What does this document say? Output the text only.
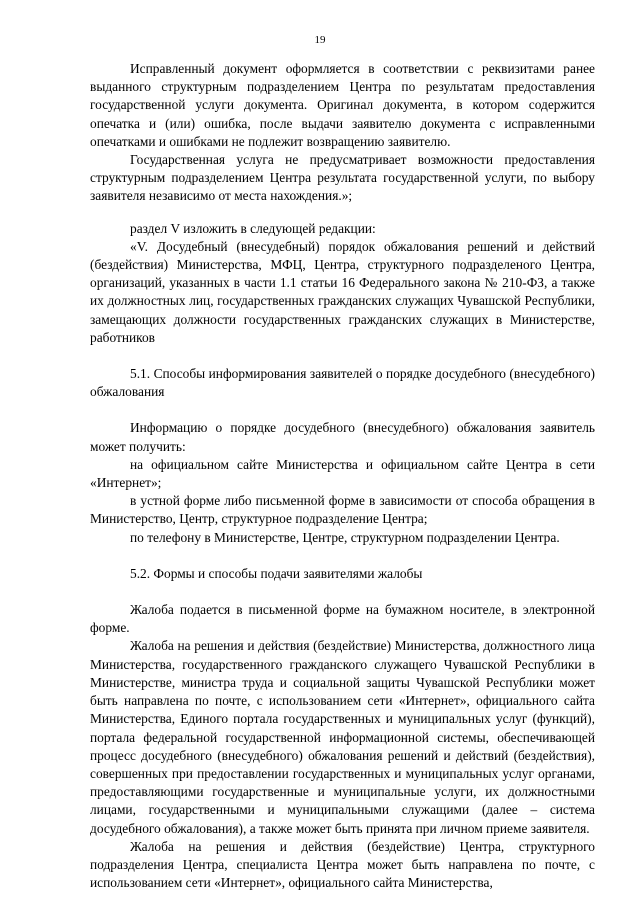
19

Исправленный документ оформляется в соответствии с реквизитами ранее выданного структурным подразделением Центра по результатам предоставления государственной услуги документа. Оригинал документа, в котором содержится опечатка и (или) ошибка, после выдачи заявителю документа с исправленными опечатками и ошибками не подлежит возвращению заявителю.

Государственная услуга не предусматривает возможности предоставления структурным подразделением Центра результата государственной услуги, по выбору заявителя независимо от места нахождения.»;

раздел V изложить в следующей редакции:

«V. Досудебный (внесудебный) порядок обжалования решений и действий (бездействия) Министерства, МФЦ, Центра, структурного подразделеного Центра, организаций, указанных в части 1.1 статьи 16 Федерального закона № 210-ФЗ, а также их должностных лиц, государственных гражданских служащих Чувашской Республики, замещающих должности государственных гражданских служащих в Министерстве, работников

5.1. Способы информирования заявителей о порядке досудебного (внесудебного) обжалования

Информацию о порядке досудебного (внесудебного) обжалования заявитель может получить:

на официальном сайте Министерства и официальном сайте Центра в сети «Интернет»;

в устной форме либо письменной форме в зависимости от способа обращения в Министерство, Центр, структурное подразделение Центра;

по телефону в Министерстве, Центре, структурном подразделении Центра.

5.2. Формы и способы подачи заявителями жалобы

Жалоба подается в письменной форме на бумажном носителе, в электронной форме.

Жалоба на решения и действия (бездействие) Министерства, должностного лица Министерства, государственного гражданского служащего Чувашской Республики в Министерстве, министра труда и социальной защиты Чувашской Республики может быть направлена по почте, с использованием сети «Интернет», официального сайта Министерства, Единого портала государственных и муниципальных услуг (функций), портала федеральной государственной информационной системы, обеспечивающей процесс досудебного (внесудебного) обжалования решений и действий (бездействия), совершенных при предоставлении государственных и муниципальных услуг органами, предоставляющими государственные и муниципальные услуги, их должностными лицами, государственными и муниципальными служащими (далее – система досудебного обжалования), а также может быть принята при личном приеме заявителя.

Жалоба на решения и действия (бездействие) Центра, структурного подразделения Центра, специалиста Центра может быть направлена по почте, с использованием сети «Интернет», официального сайта Министерства,
